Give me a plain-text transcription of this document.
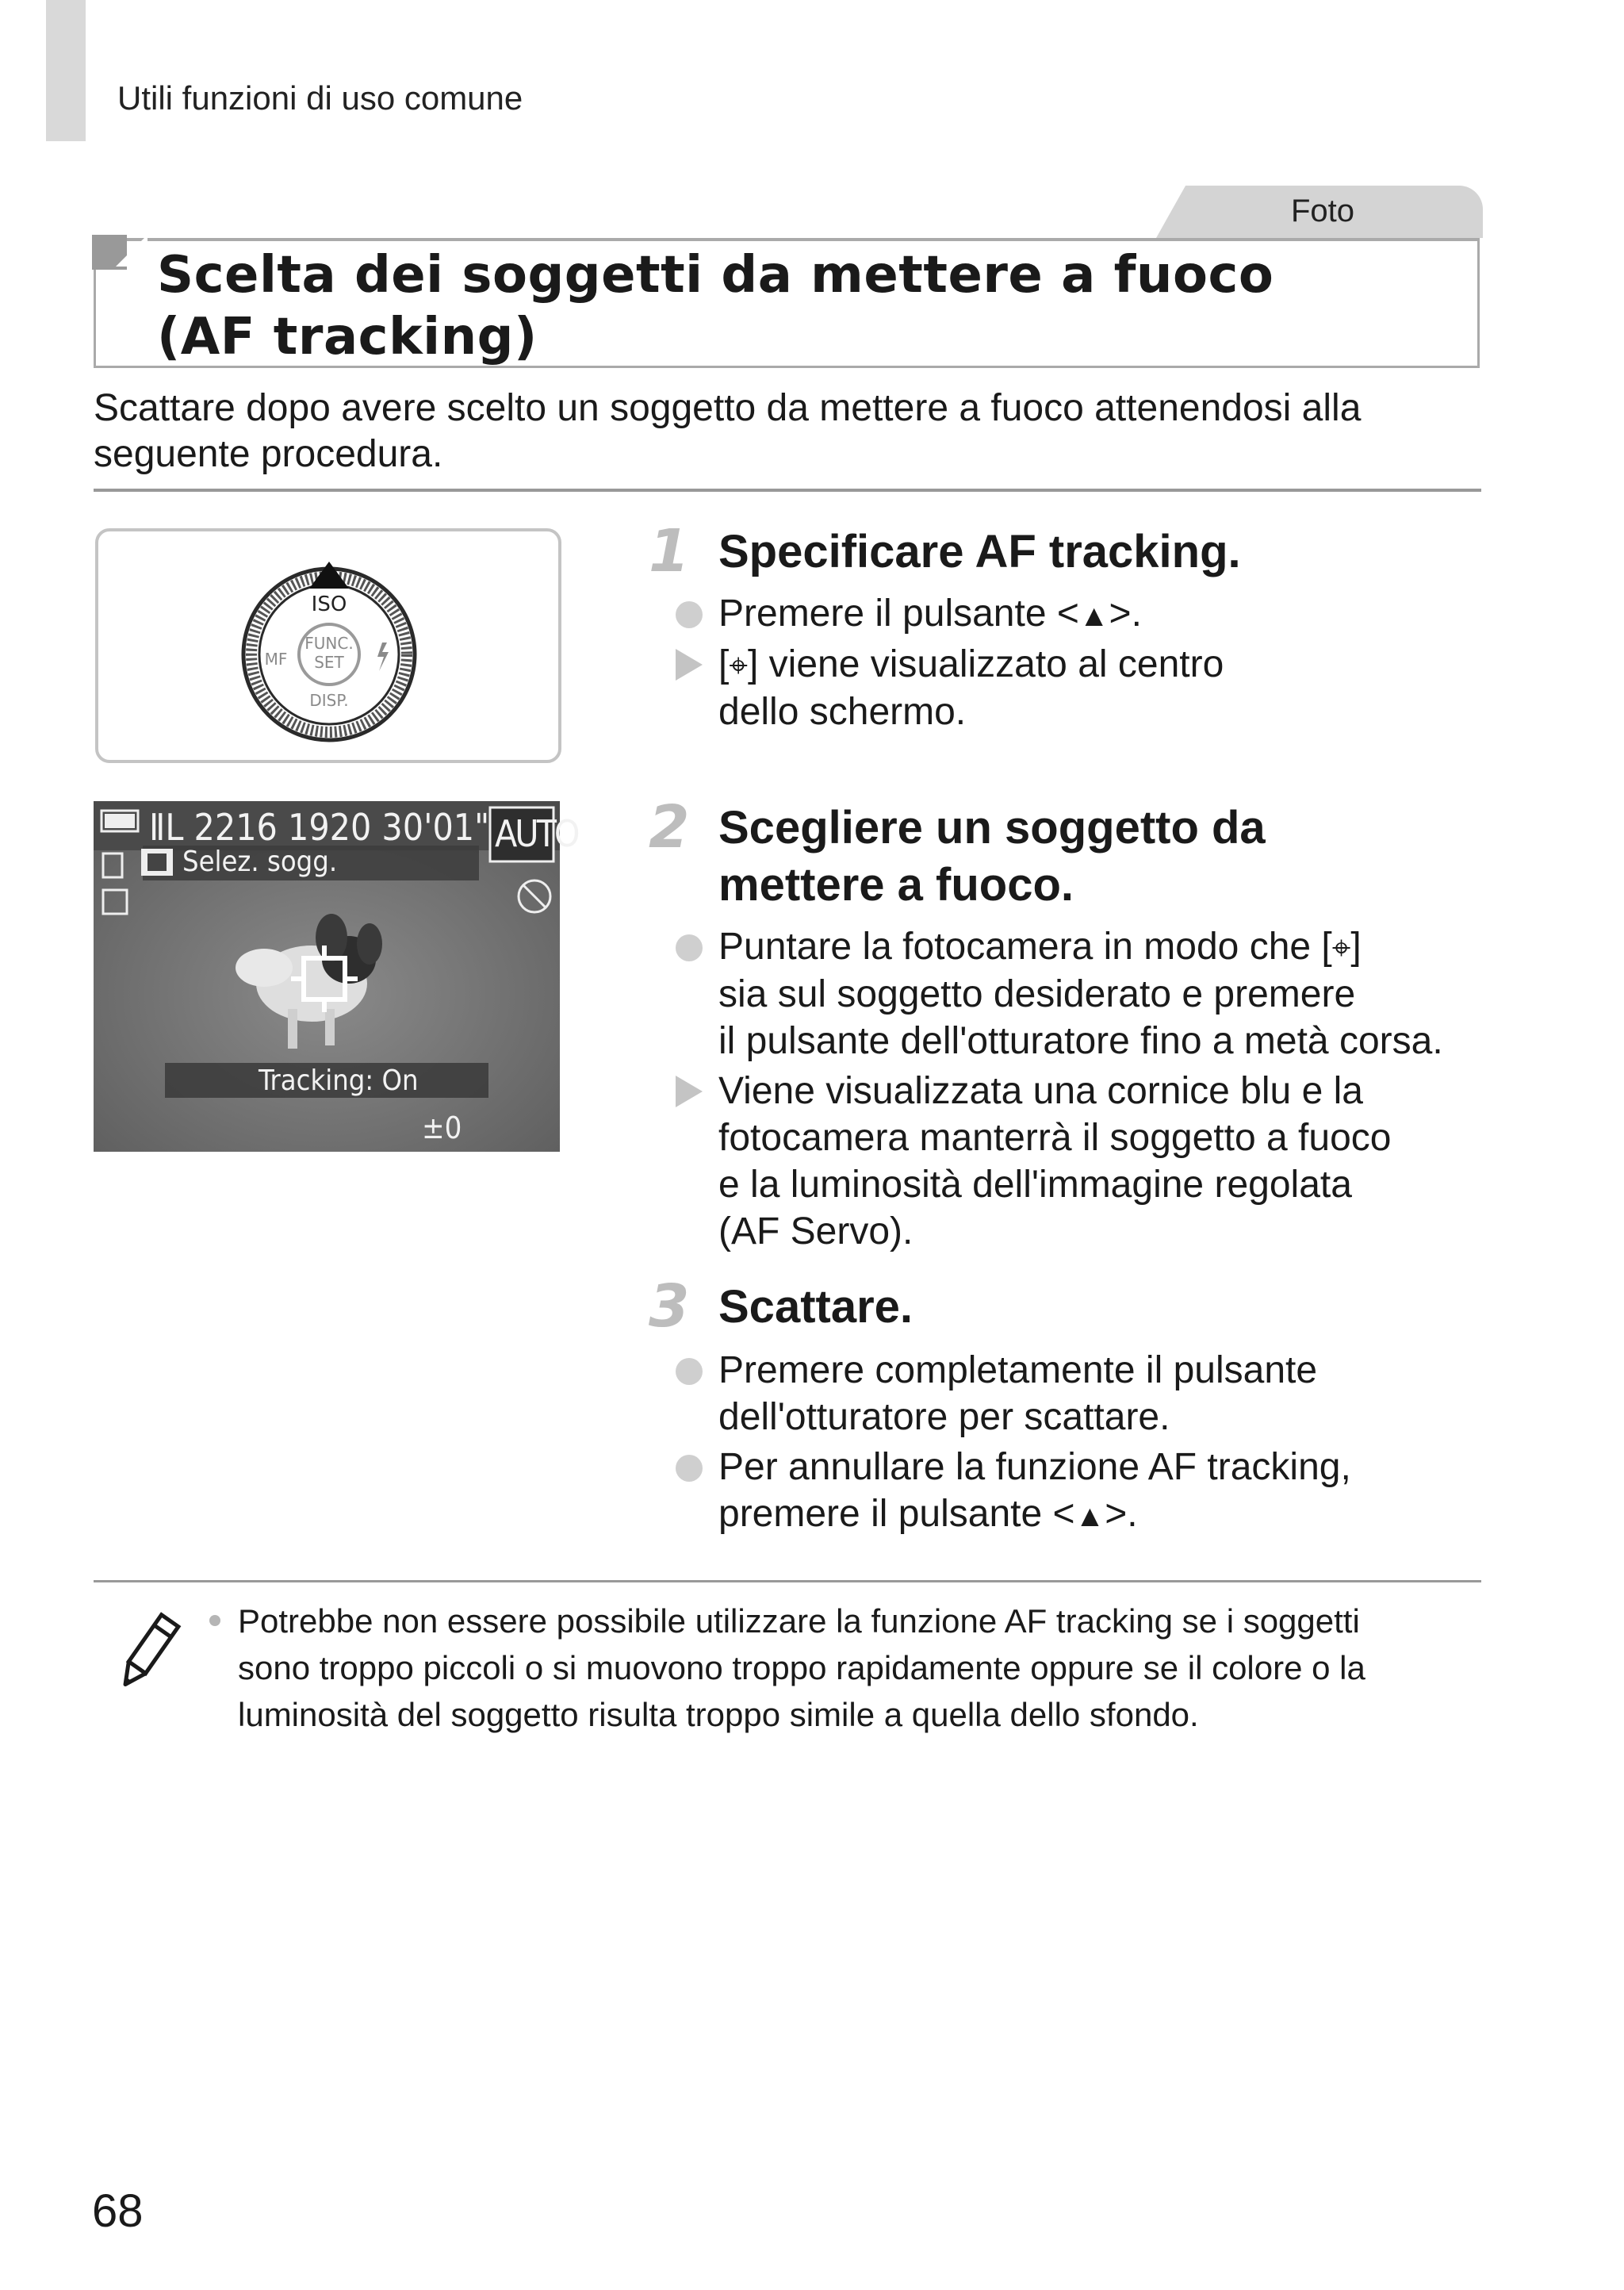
Utili funzioni di uso comune
Foto
Scelta dei soggetti da mettere a fuoco
(AF tracking)
Scattare dopo avere scelto un soggetto da mettere a fuoco attenendosi alla
seguente procedura.
ISO
FUNC.
SET
DISP.
MF
ⅡL 2216 1920 30'01" AUTO
Selez. sogg.
Tracking: On
±0
1 Specificare AF tracking.
Premere il pulsante <▲>.
[⌖] viene visualizzato al centro
dello schermo.
2 Scegliere un soggetto da
mettere a fuoco.
Puntare la fotocamera in modo che [⌖]
sia sul soggetto desiderato e premere
il pulsante dell'otturatore fino a metà corsa.
Viene visualizzata una cornice blu e la
fotocamera manterrà il soggetto a fuoco
e la luminosità dell'immagine regolata
(AF Servo).
3 Scattare.
Premere completamente il pulsante
dell'otturatore per scattare.
Per annullare la funzione AF tracking,
premere il pulsante <▲>.
Potrebbe non essere possibile utilizzare la funzione AF tracking se i soggetti
sono troppo piccoli o si muovono troppo rapidamente oppure se il colore o la
luminosità del soggetto risulta troppo simile a quella dello sfondo.
68
